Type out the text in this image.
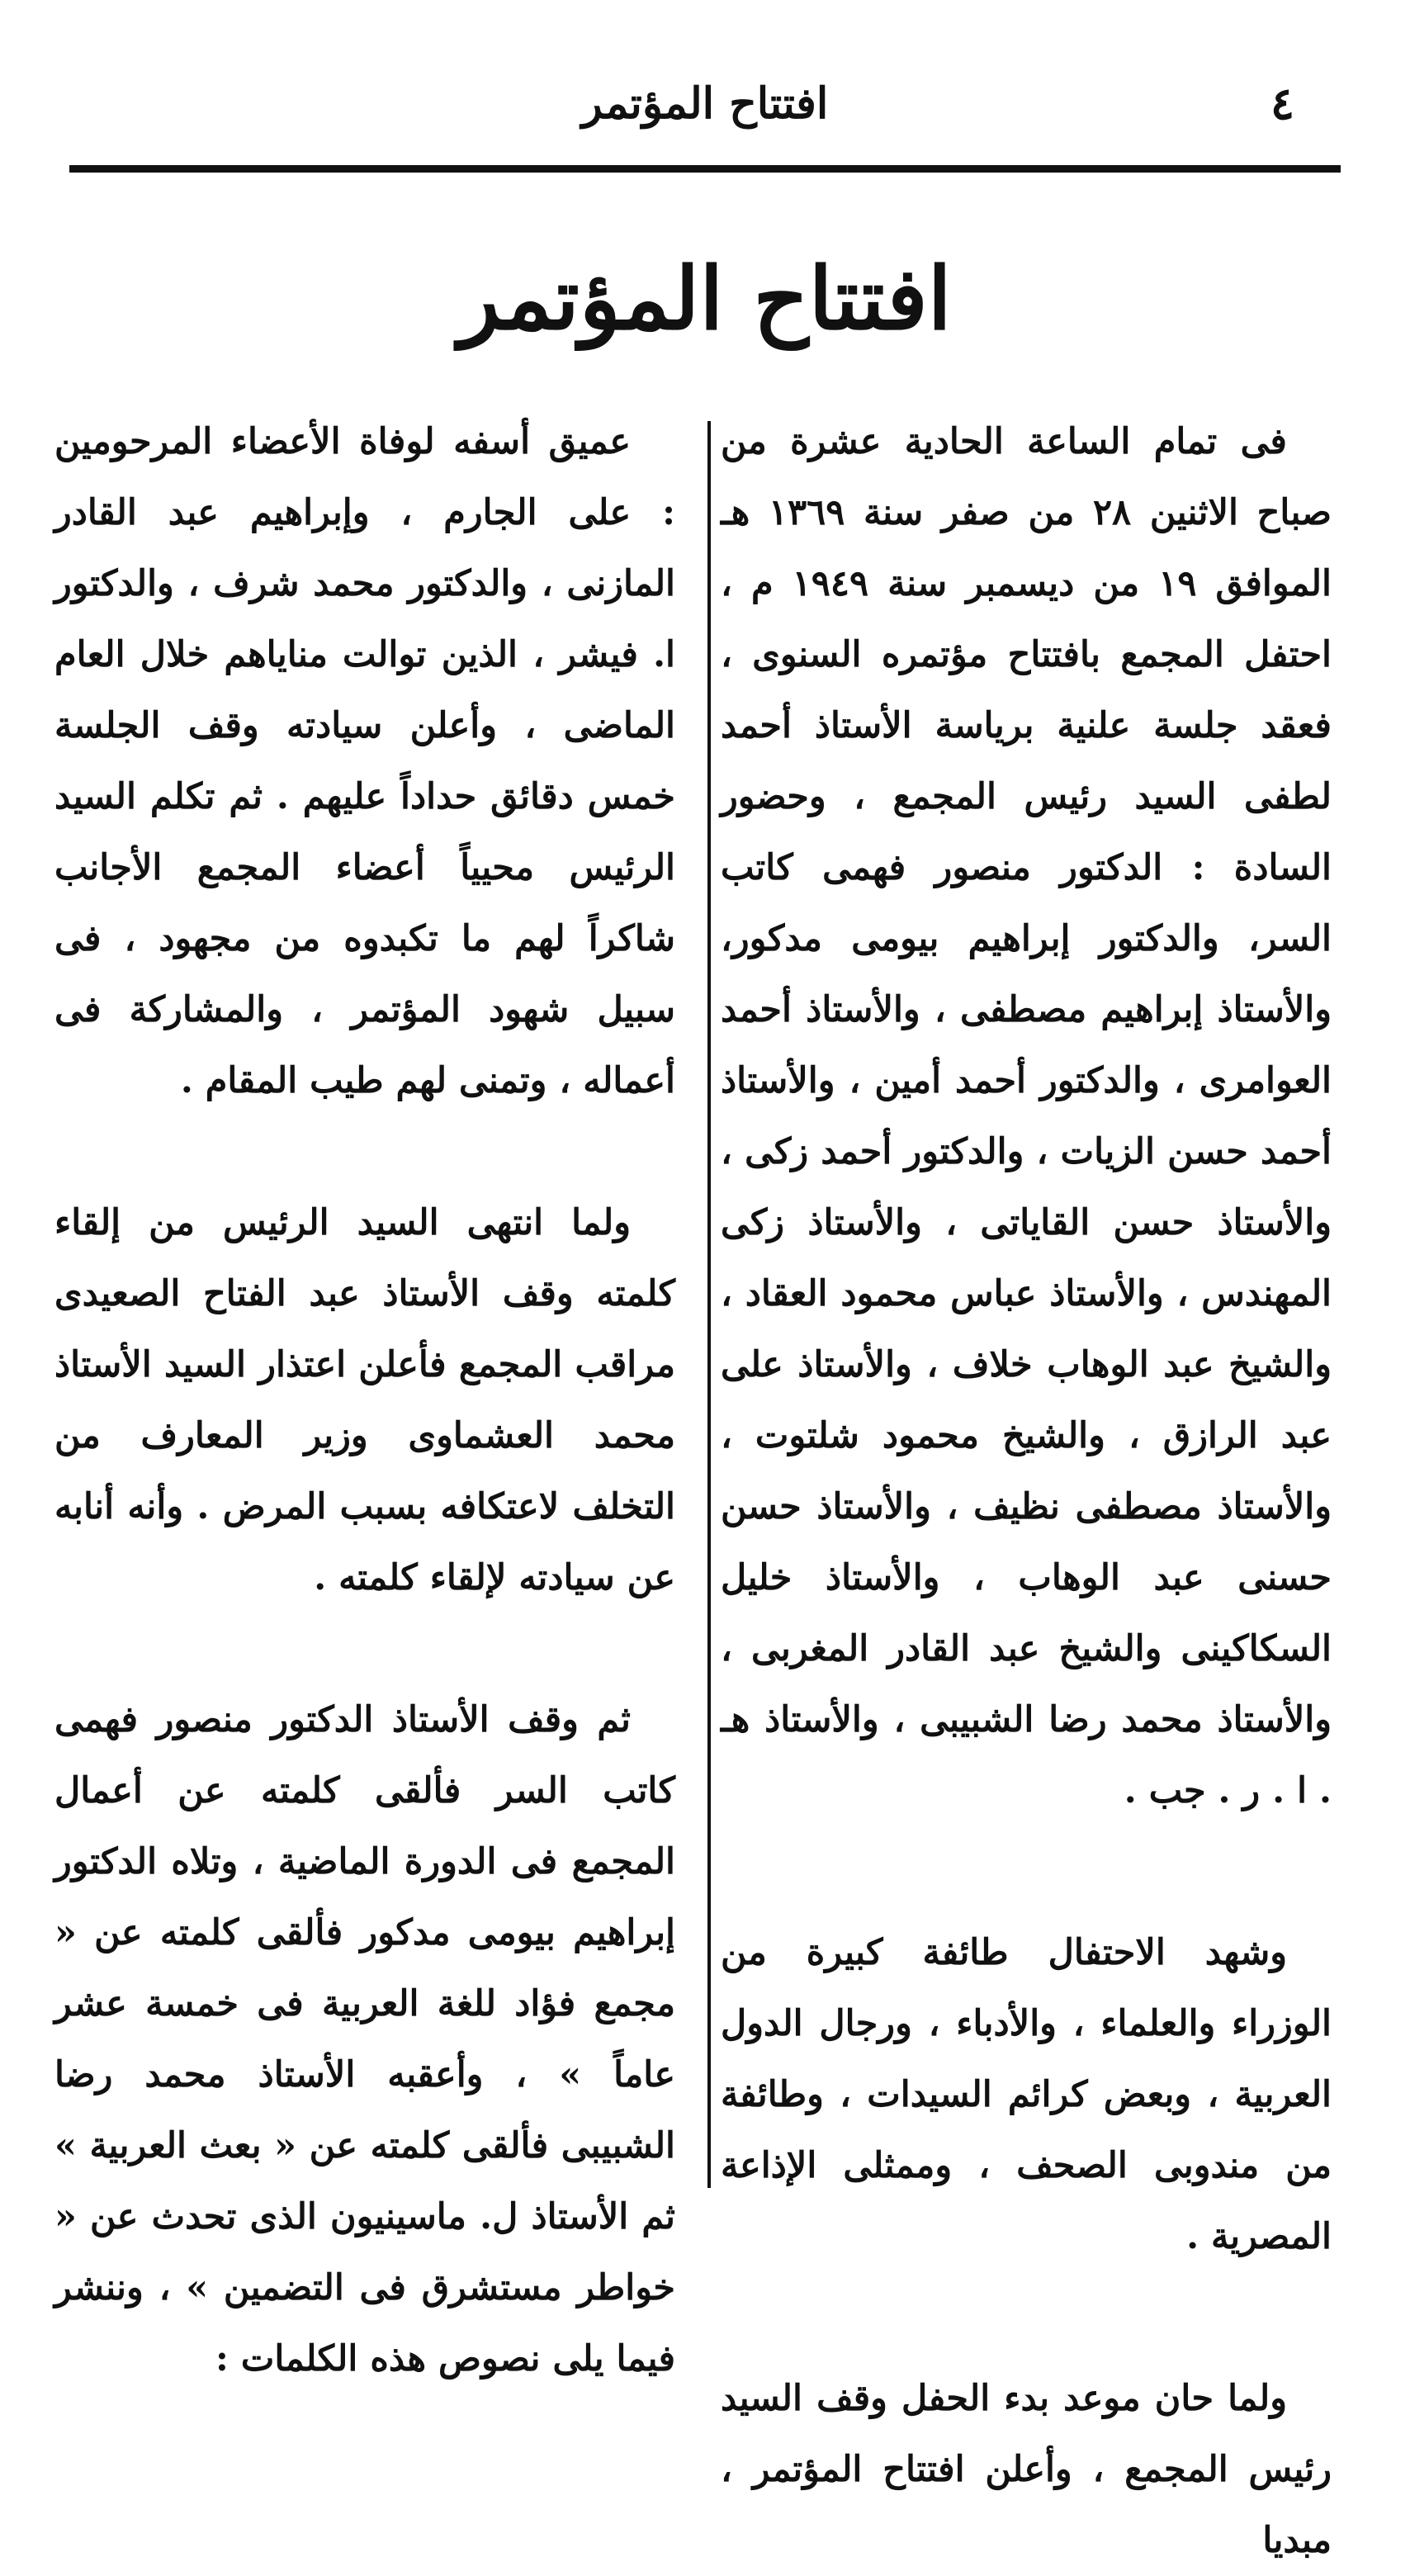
٤
افتتاح المؤتمر
افتتاح المؤتمر

فى تمام الساعة الحادية عشرة من صباح الاثنين ٢٨ من صفر سنة ١٣٦٩ هـ الموافق ١٩ من ديسمبر سنة ١٩٤٩ م ، احتفل المجمع بافتتاح مؤتمره السنوى ، فعقد جلسة علنية برياسة الأستاذ أحمد لطفى السيد رئيس المجمع ، وحضور السادة : الدكتور منصور فهمى كاتب السر، والدكتور إبراهيم بيومى مدكور، والأستاذ إبراهيم مصطفى ، والأستاذ أحمد العوامرى ، والدكتور أحمد أمين ، والأستاذ أحمد حسن الزيات ، والدكتور أحمد زكى ، والأستاذ حسن القاياتى ، والأستاذ زكى المهندس ، والأستاذ عباس محمود العقاد ، والشيخ عبد الوهاب خلاف ، والأستاذ على عبد الرازق ، والشيخ محمود شلتوت ، والأستاذ مصطفى نظيف ، والأستاذ حسن حسنى عبد الوهاب ، والأستاذ خليل السكاكينى والشيخ عبد القادر المغربى ، والأستاذ محمد رضا الشبيبى ، والأستاذ هـ . ا . ر . جب .

وشهد الاحتفال طائفة كبيرة من الوزراء والعلماء ، والأدباء ، ورجال الدول العربية ، وبعض كرائم السيدات ، وطائفة من مندوبى الصحف ، وممثلى الإذاعة المصرية .

ولما حان موعد بدء الحفل وقف السيد رئيس المجمع ، وأعلن افتتاح المؤتمر ، مبديا

عميق أسفه لوفاة الأعضاء المرحومين : على الجارم ، وإبراهيم عبد القادر المازنى ، والدكتور محمد شرف ، والدكتور ا. فيشر ، الذين توالت مناياهم خلال العام الماضى ، وأعلن سيادته وقف الجلسة خمس دقائق حداداً عليهم . ثم تكلم السيد الرئيس محيياً أعضاء المجمع الأجانب شاكراً لهم ما تكبدوه من مجهود ، فى سبيل شهود المؤتمر ، والمشاركة فى أعماله ، وتمنى لهم طيب المقام .

ولما انتهى السيد الرئيس من إلقاء كلمته وقف الأستاذ عبد الفتاح الصعيدى مراقب المجمع فأعلن اعتذار السيد الأستاذ محمد العشماوى وزير المعارف من التخلف لاعتكافه بسبب المرض . وأنه أنابه عن سيادته لإلقاء كلمته .

ثم وقف الأستاذ الدكتور منصور فهمى كاتب السر فألقى كلمته عن أعمال المجمع فى الدورة الماضية ، وتلاه الدكتور إبراهيم بيومى مدكور فألقى كلمته عن « مجمع فؤاد للغة العربية فى خمسة عشر عاماً » ، وأعقبه الأستاذ محمد رضا الشبيبى فألقى كلمته عن « بعث العربية » ثم الأستاذ ل. ماسينيون الذى تحدث عن « خواطر مستشرق فى التضمين » ، وننشر فيما يلى نصوص هذه الكلمات :
